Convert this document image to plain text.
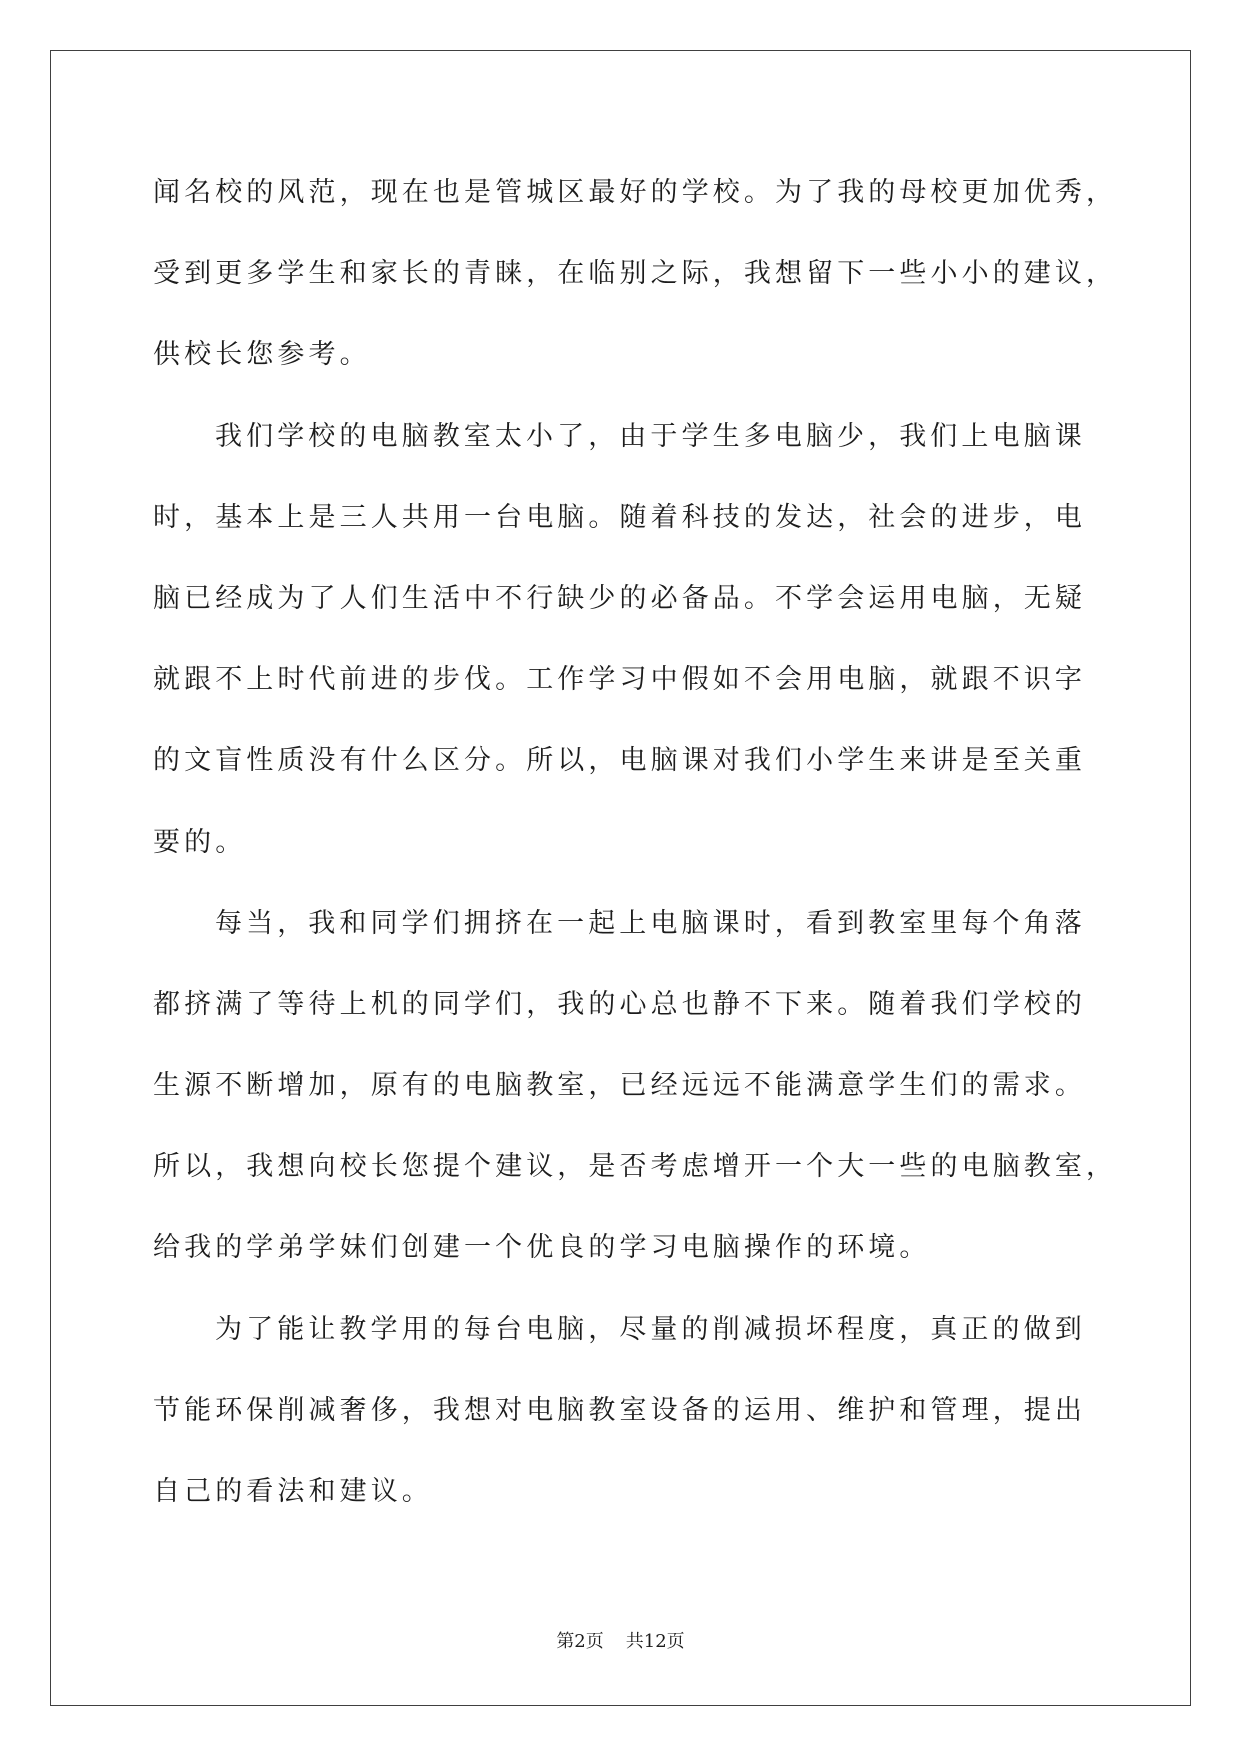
闻名校的风范，现在也是管城区最好的学校。为了我的母校更加优秀，
受到更多学生和家长的青睐，在临别之际，我想留下一些小小的建议，
供校长您参考。
我们学校的电脑教室太小了，由于学生多电脑少，我们上电脑课
时，基本上是三人共用一台电脑。随着科技的发达，社会的进步，电
脑已经成为了人们生活中不行缺少的必备品。不学会运用电脑，无疑
就跟不上时代前进的步伐。工作学习中假如不会用电脑，就跟不识字
的文盲性质没有什么区分。所以，电脑课对我们小学生来讲是至关重
要的。
每当，我和同学们拥挤在一起上电脑课时，看到教室里每个角落
都挤满了等待上机的同学们，我的心总也静不下来。随着我们学校的
生源不断增加，原有的电脑教室，已经远远不能满意学生们的需求。
所以，我想向校长您提个建议，是否考虑增开一个大一些的电脑教室，
给我的学弟学妹们创建一个优良的学习电脑操作的环境。
为了能让教学用的每台电脑，尽量的削减损坏程度，真正的做到
节能环保削减奢侈，我想对电脑教室设备的运用、维护和管理，提出
自己的看法和建议。
第2页 共12页
